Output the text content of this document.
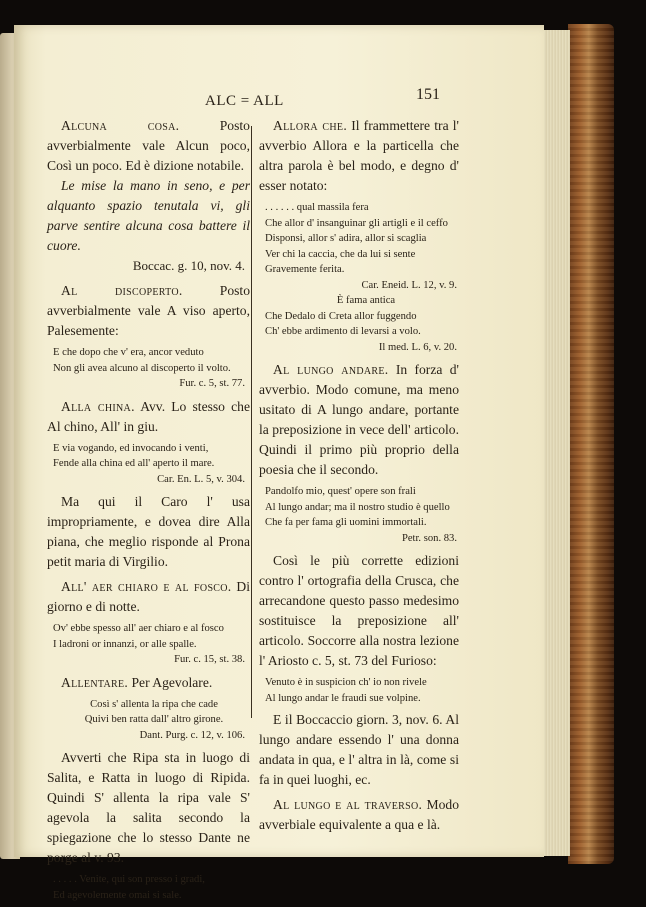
ALC = ALL	151
Alcuna cosa.	Posto avverbialmente vale Alcun poco, Così un poco. Ed è dizione notabile.
Le mise la mano in seno, e per alquanto spazio tenutala vi, gli parve sentire alcuna cosa battere il cuore.
Boccac. g. 10, nov. 4.
Al discoperto.	Posto avverbialmente vale A viso aperto, Palesemente:
E che dopo che v' era, ancor veduto
Non gli avea alcuno al discoperto il volto.
Fur. c. 5, st. 77.
Alla china. Avv. Lo stesso che Al chino, All' in giu.
E via vogando, ed invocando i venti,
Fende alla china ed all' aperto il mare.
Car. En. L. 5, v. 304.
Ma qui il Caro l' usa impropriamente, e dovea dire Alla piana, che meglio risponde al Prona petit maria di Virgilio.
All' aer chiaro e al fosco. Di giorno e di notte.
Ov' ebbe spesso all' aer chiaro e al fosco
I ladroni or innanzi, or alle spalle.
Fur. c. 15, st. 38.
Allentare. Per Agevolare.
Così s' allenta la ripa che cade
Quivi ben ratta dall' altro girone.
Dant. Purg. c. 12, v. 106.
Avverti che Ripa sta in luogo di Salita, e Ratta in luogo di Ripida. Quindi S' allenta la ripa vale S' agevola la salita secondo la spiegazione che lo stesso Dante ne porge al v. 93.
. . . . . Venite, qui son presso i gradi,
Ed agevolemente omai si sale.
Allora che. Il frammettere tra l' avverbio Allora e la particella che altra parola è bel modo, e degno d' esser notato:
. . . . . . qual massila fera
Che allor d' insanguinar gli artigli e il ceffo
Disponsi, allor s' adira, allor si scaglia
Ver chi la caccia, che da lui si sente
Gravemente ferita.
Car. Eneid. L. 12, v. 9.
È fama antica
Che Dedalo di Creta allor fuggendo
Ch' ebbe ardimento di levarsi a volo.
Il med. L. 6, v. 20.
Al lungo andare. In forza d' avverbio. Modo comune, ma meno usitato di A lungo andare, portante la preposizione in vece dell' articolo. Quindi il primo più proprio della poesia che il secondo.
Pandolfo mio, quest' opere son frali
Al lungo andar; ma il nostro studio è quello
Che fa per fama gli uomini immortali.
Petr. son. 83.
Così le più corrette edizioni contro l' ortografia della Crusca, che arrecandone questo passo medesimo sostituisce la preposizione all' articolo. Soccorre alla nostra lezione l' Ariosto c. 5, st. 73 del Furioso:
Venuto è in suspicion ch' io non rivele
Al lungo andar le fraudi sue volpine.
E il Boccaccio giorn. 3, nov. 6. Al lungo andare essendo l' una donna andata in qua, e l' altra in là, come si fa in quei luoghi, ec.
Al lungo e al traverso. Modo avverbiale equivalente a qua e là.
